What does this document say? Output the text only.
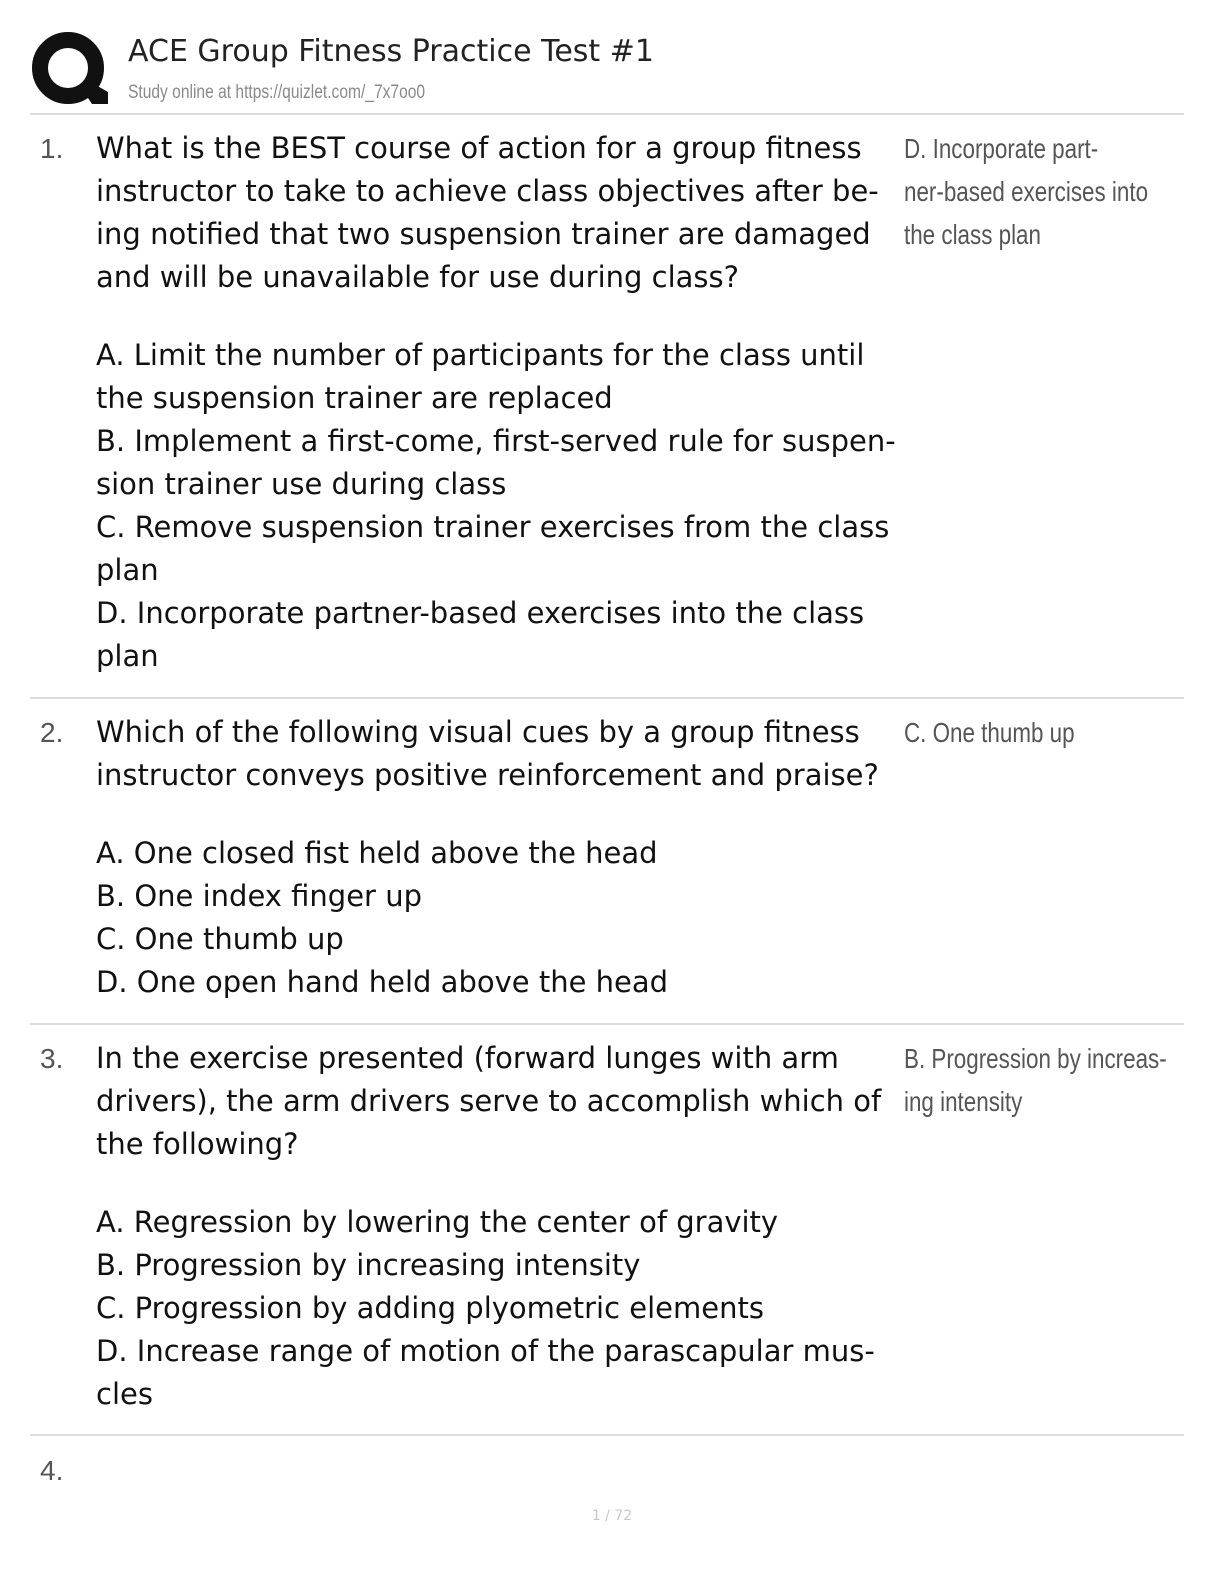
ACE Group Fitness Practice Test #1
Study online at https://quizlet.com/_7x7oo0
1. What is the BEST course of action for a group fitness
instructor to take to achieve class objectives after be-
ing notified that two suspension trainer are damaged
and will be unavailable for use during class?
A. Limit the number of participants for the class until
the suspension trainer are replaced
B. Implement a first-come, first-served rule for suspen-
sion trainer use during class
C. Remove suspension trainer exercises from the class
plan
D. Incorporate partner-based exercises into the class
plan
D. Incorporate part-
ner-based exercises into
the class plan
2. Which of the following visual cues by a group fitness
instructor conveys positive reinforcement and praise?
A. One closed fist held above the head
B. One index finger up
C. One thumb up
D. One open hand held above the head
C. One thumb up
3. In the exercise presented (forward lunges with arm
drivers), the arm drivers serve to accomplish which of
the following?
A. Regression by lowering the center of gravity
B. Progression by increasing intensity
C. Progression by adding plyometric elements
D. Increase range of motion of the parascapular mus-
cles
B. Progression by increas-
ing intensity
4.
1 / 72
